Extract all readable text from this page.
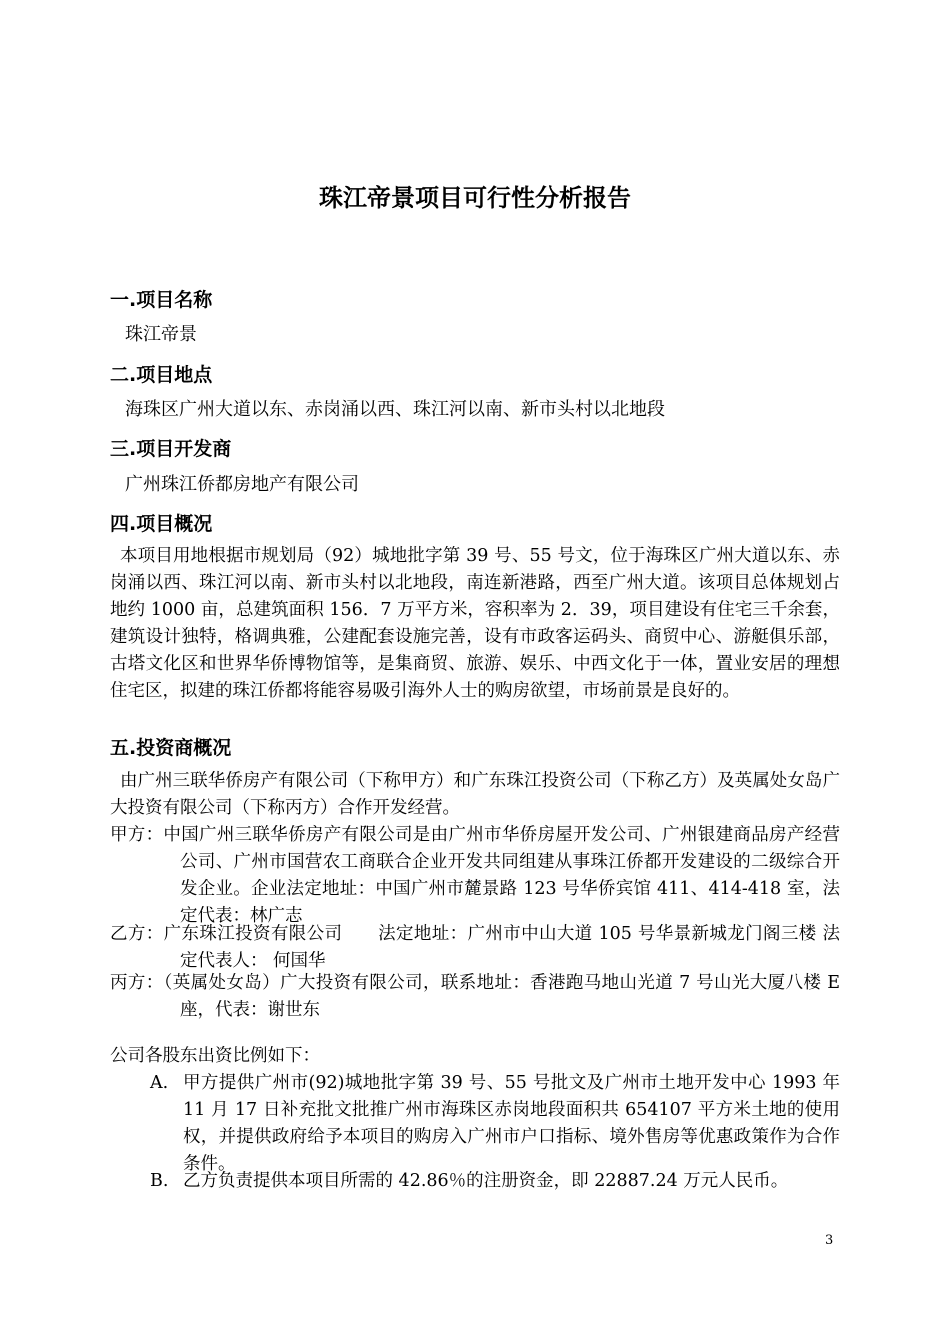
珠江帝景项目可行性分析报告
一.项目名称
珠江帝景
二.项目地点
海珠区广州大道以东、赤岗涌以西、珠江河以南、新市头村以北地段
三.项目开发商
广州珠江侨都房地产有限公司
四.项目概况
本项目用地根据市规划局（92）城地批字第 39 号、55 号文，位于海珠区广州大道以东、赤岗涌以西、珠江河以南、新市头村以北地段，南连新港路，西至广州大道。该项目总体规划占地约 1000 亩，总建筑面积 156．7 万平方米，容积率为 2．39，项目建设有住宅三千余套，建筑设计独特，格调典雅，公建配套设施完善，设有市政客运码头、商贸中心、游艇俱乐部，古塔文化区和世界华侨博物馆等，是集商贸、旅游、娱乐、中西文化于一体，置业安居的理想住宅区，拟建的珠江侨都将能容易吸引海外人士的购房欲望，市场前景是良好的。
五.投资商概况
由广州三联华侨房产有限公司（下称甲方）和广东珠江投资公司（下称乙方）及英属处女岛广大投资有限公司（下称丙方）合作开发经营。
甲方：中国广州三联华侨房产有限公司是由广州市华侨房屋开发公司、广州银建商品房产经营公司、广州市国营农工商联合企业开发共同组建从事珠江侨都开发建设的二级综合开发企业。企业法定地址：中国广州市麓景路 123 号华侨宾馆 411、414-418 室，法定代表：林广志
乙方：广东珠江投资有限公司　　法定地址：广州市中山大道 105 号华景新城龙门阁三楼 法定代表人： 何国华
丙方：（英属处女岛）广大投资有限公司，联系地址：香港跑马地山光道 7 号山光大厦八楼 E 座，代表：谢世东
公司各股东出资比例如下：
A. 甲方提供广州市(92)城地批字第 39 号、55 号批文及广州市土地开发中心 1993 年 11 月 17 日补充批文批推广州市海珠区赤岗地段面积共 654107 平方米土地的使用权，并提供政府给予本项目的购房入广州市户口指标、境外售房等优惠政策作为合作条件。
B. 乙方负责提供本项目所需的 42.86％的注册资金，即 22887.24 万元人民币。
3
